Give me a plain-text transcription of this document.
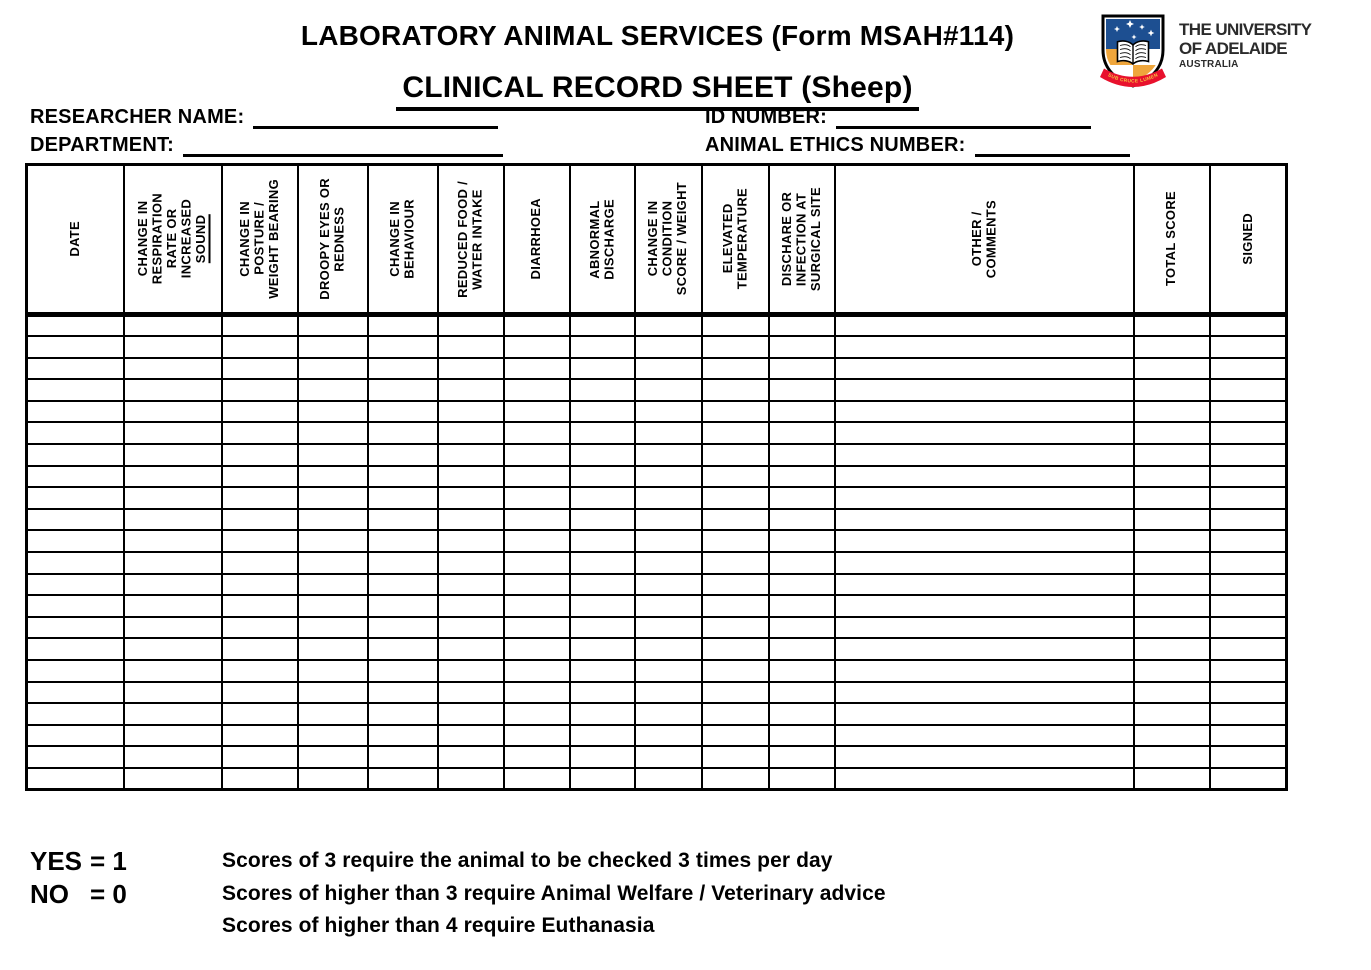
LABORATORY ANIMAL SERVICES (Form MSAH#114)

CLINICAL RECORD SHEET (Sheep)	SUB CRUCE LUMEN
THE UNIVERSITY
OF ADELAIDE
AUSTRALIA
RESEARCHER NAME:
DEPARTMENT:
ID NUMBER:
ANIMAL ETHICS NUMBER:
DATE	CHANGE IN
RESPIRATION
RATE OR
INCREASED
SOUND	CHANGE IN
POSTURE /
WEIGHT BEARING	DROOPY EYES OR
REDNESS	CHANGE IN
BEHAVIOUR	REDUCED FOOD /
WATER INTAKE	DIARRHOEA	ABNORMAL
DISCHARGE	CHANGE IN
CONDITION
SCORE / WEIGHT	ELEVATED
TEMPERATURE	DISCHARE OR
INFECTION AT
SURGICAL SITE	OTHER /
COMMENTS	TOTAL SCORE	SIGNED

YES = 1
NO = 0
Scores of 3 require the animal to be checked 3 times per day
Scores of higher than 3 require Animal Welfare / Veterinary advice
Scores of higher than 4 require Euthanasia
